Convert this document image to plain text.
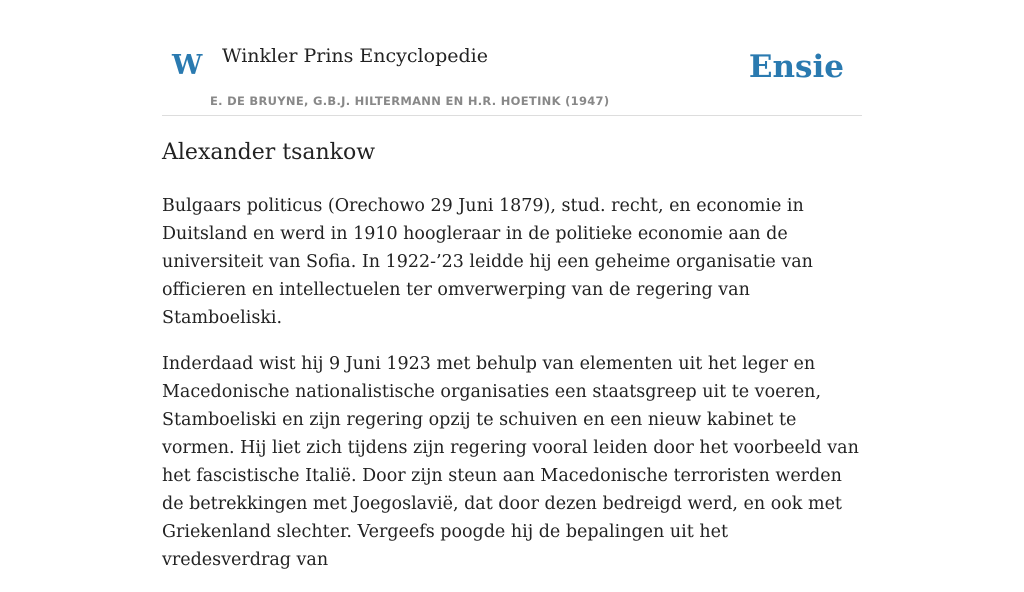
W Winkler Prins Encyclopedie
E. DE BRUYNE, G.B.J. HILTERMANN EN H.R. HOETINK (1947)
Ensie
Alexander tsankow

Bulgaars politicus (Orechowo 29 Juni 1879), stud. recht, en economie in Duitsland en werd in 1910 hoogleraar in de politieke economie aan de universiteit van Sofia. In 1922-’23 leidde hij een geheime organisatie van officieren en intellectuelen ter omverwerping van de regering van Stamboeliski.

Inderdaad wist hij 9 Juni 1923 met behulp van elementen uit het leger en Macedonische nationalistische organisaties een staatsgreep uit te voeren, Stamboeliski en zijn regering opzij te schuiven en een nieuw kabinet te vormen. Hij liet zich tijdens zijn regering vooral leiden door het voorbeeld van het fascistische Italië. Door zijn steun aan Macedonische terroristen werden de betrekkingen met Joegoslavië, dat door dezen bedreigd werd, en ook met Griekenland slechter. Vergeefs poogde hij de bepalingen uit het vredesverdrag van
